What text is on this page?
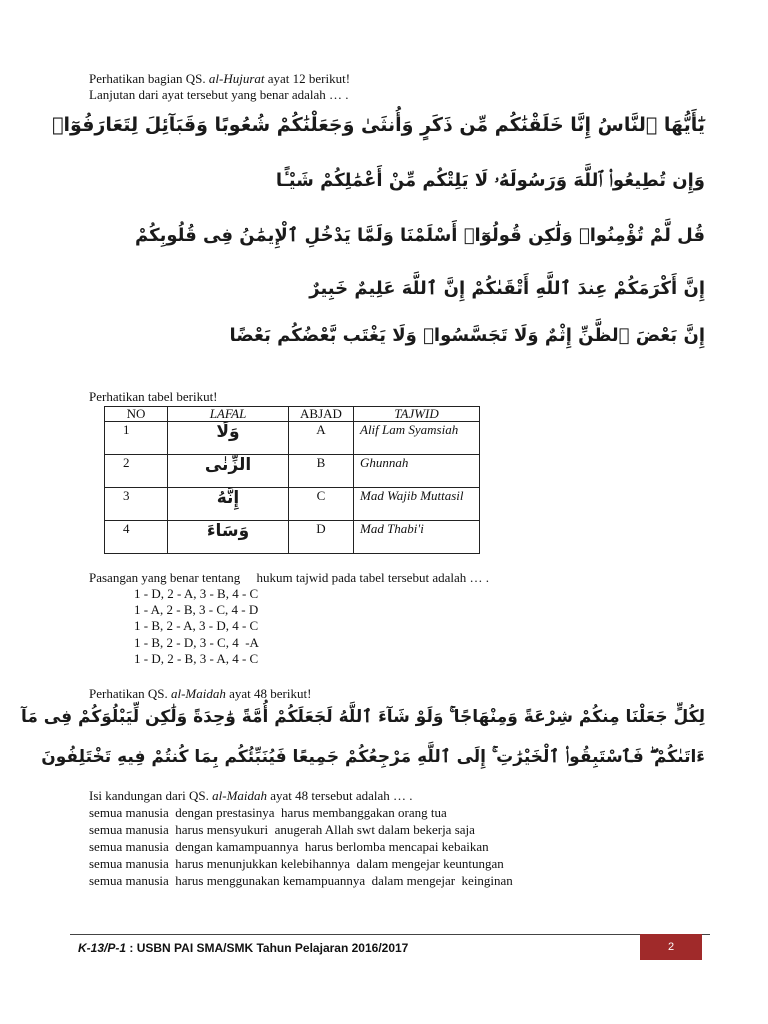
Perhatikan bagian QS. al-Hujurat ayat 12 berikut!
Lanjutan dari ayat tersebut yang benar adalah … .
يَٰٓأَيُّهَا ٱلنَّاسُ إِنَّا خَلَقْنَٰكُم مِّن ذَكَرٍ وَأُنثَىٰ وَجَعَلْنَٰكُمْ شُعُوبًا وَقَبَآئِلَ لِتَعَارَفُوٓا۟
وَإِن تُطِيعُوا۟ ٱللَّهَ وَرَسُولَهُۥ لَا يَلِتْكُم مِّنْ أَعْمَٰلِكُمْ شَيْـًٔا
قُل لَّمْ تُؤْمِنُوا۟ وَلَٰكِن قُولُوٓا۟ أَسْلَمْنَا وَلَمَّا يَدْخُلِ ٱلْإِيمَٰنُ فِى قُلُوبِكُمْ
إِنَّ أَكْرَمَكُمْ عِندَ ٱللَّهِ أَتْقَىٰكُمْ إِنَّ ٱللَّهَ عَلِيمٌ خَبِيرٌ
إِنَّ بَعْضَ ٱلظَّنِّ إِثْمٌ وَلَا تَجَسَّسُوا۟ وَلَا يَغْتَب بَّعْضُكُم بَعْضًا
Perhatikan tabel berikut!
NO	LAFAL	ABJAD	TAJWID
1	وَلَا	A	Alif Lam Syamsiah
2	الزِّنٰى	B	Ghunnah
3	إِنَّهُ	C	Mad Wajib Muttasil
4	وَسَاءَ	D	Mad Thabi'i
Pasangan yang benar tentang     hukum tajwid pada tabel tersebut adalah … .
1 - D, 2 - A, 3 - B, 4 - C
1 - A, 2 - B, 3 - C, 4 - D
1 - B, 2 - A, 3 - D, 4 - C
1 - B, 2 - D, 3 - C, 4  -A
1 - D, 2 - B, 3 - A, 4 - C
Perhatikan QS. al-Maidah ayat 48 berikut!
لِكُلٍّ جَعَلْنَا مِنكُمْ شِرْعَةً وَمِنْهَاجًا ۚ وَلَوْ شَآءَ ٱللَّهُ لَجَعَلَكُمْ أُمَّةً وَٰحِدَةً وَلَٰكِن لِّيَبْلُوَكُمْ فِى مَآ
ءَاتَىٰكُمْ ۖ فَٱسْتَبِقُوا۟ ٱلْخَيْرَٰتِ ۚ إِلَى ٱللَّهِ مَرْجِعُكُمْ جَمِيعًا فَيُنَبِّئُكُم بِمَا كُنتُمْ فِيهِ تَخْتَلِفُونَ
Isi kandungan dari QS. al-Maidah ayat 48 tersebut adalah … .
semua manusia  dengan prestasinya  harus membanggakan orang tua
semua manusia  harus mensyukuri  anugerah Allah swt dalam bekerja saja
semua manusia  dengan kamampuannya  harus berlomba mencapai kebaikan
semua manusia  harus menunjukkan kelebihannya  dalam mengejar keuntungan
semua manusia  harus menggunakan kemampuannya  dalam mengejar  keinginan
K-13/P-1 : USBN PAI SMA/SMK Tahun Pelajaran 2016/2017	2
